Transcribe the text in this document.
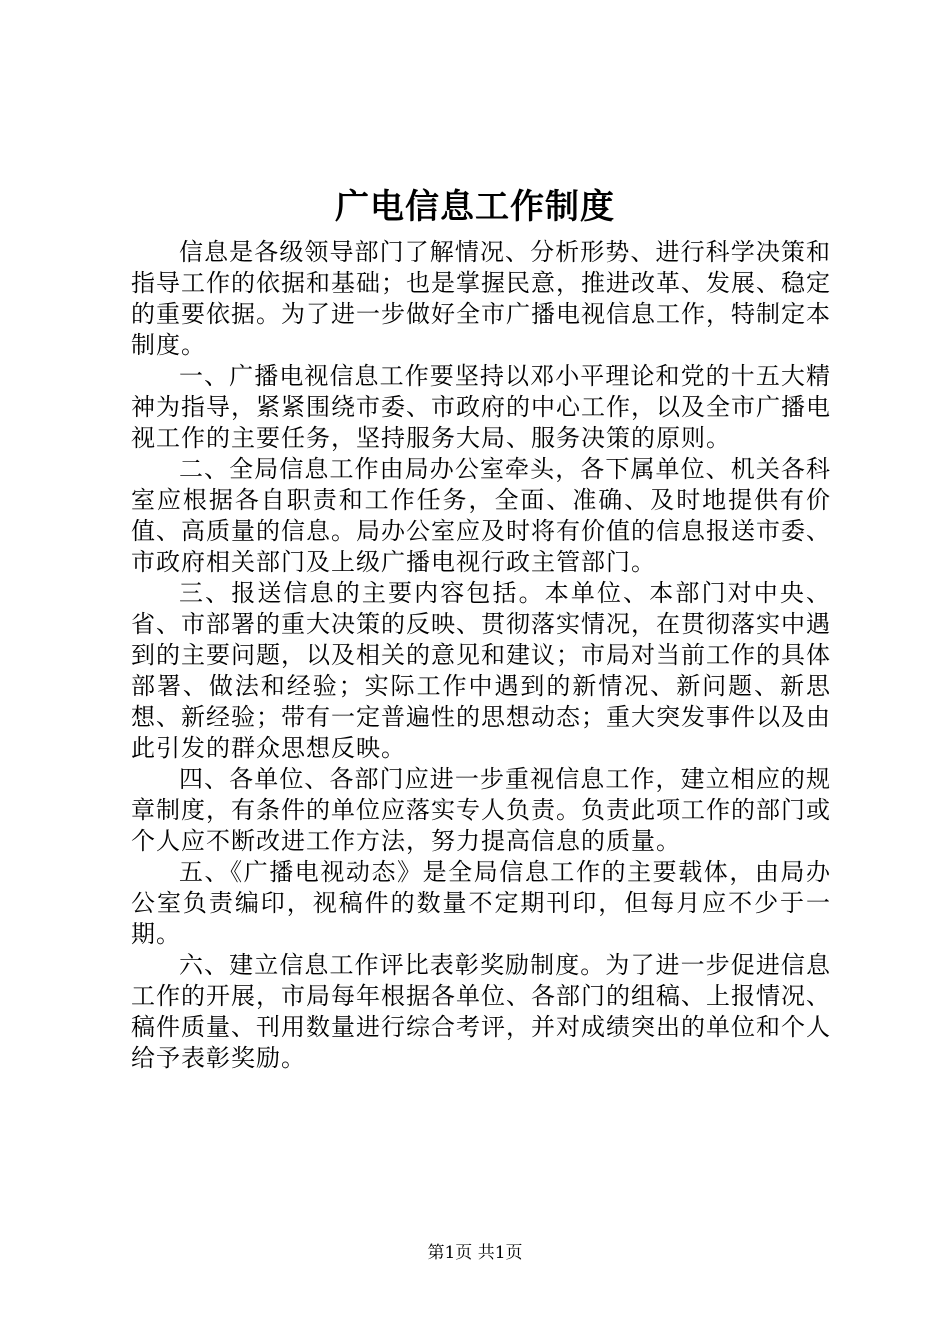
广电信息工作制度

信息是各级领导部门了解情况、分析形势、进行科学决策和指导工作的依据和基础；也是掌握民意，推进改革、发展、稳定的重要依据。为了进一步做好全市广播电视信息工作，特制定本制度。

一、广播电视信息工作要坚持以邓小平理论和党的十五大精神为指导，紧紧围绕市委、市政府的中心工作，以及全市广播电视工作的主要任务，坚持服务大局、服务决策的原则。

二、全局信息工作由局办公室牵头，各下属单位、机关各科室应根据各自职责和工作任务，全面、准确、及时地提供有价值、高质量的信息。局办公室应及时将有价值的信息报送市委、市政府相关部门及上级广播电视行政主管部门。

三、报送信息的主要内容包括。本单位、本部门对中央、省、市部署的重大决策的反映、贯彻落实情况，在贯彻落实中遇到的主要问题，以及相关的意见和建议；市局对当前工作的具体部署、做法和经验；实际工作中遇到的新情况、新问题、新思想、新经验；带有一定普遍性的思想动态；重大突发事件以及由此引发的群众思想反映。

四、各单位、各部门应进一步重视信息工作，建立相应的规章制度，有条件的单位应落实专人负责。负责此项工作的部门或个人应不断改进工作方法，努力提高信息的质量。

五、《广播电视动态》是全局信息工作的主要载体，由局办公室负责编印，视稿件的数量不定期刊印，但每月应不少于一期。

六、建立信息工作评比表彰奖励制度。为了进一步促进信息工作的开展，市局每年根据各单位、各部门的组稿、上报情况、稿件质量、刊用数量进行综合考评，并对成绩突出的单位和个人给予表彰奖励。

第1页 共1页
